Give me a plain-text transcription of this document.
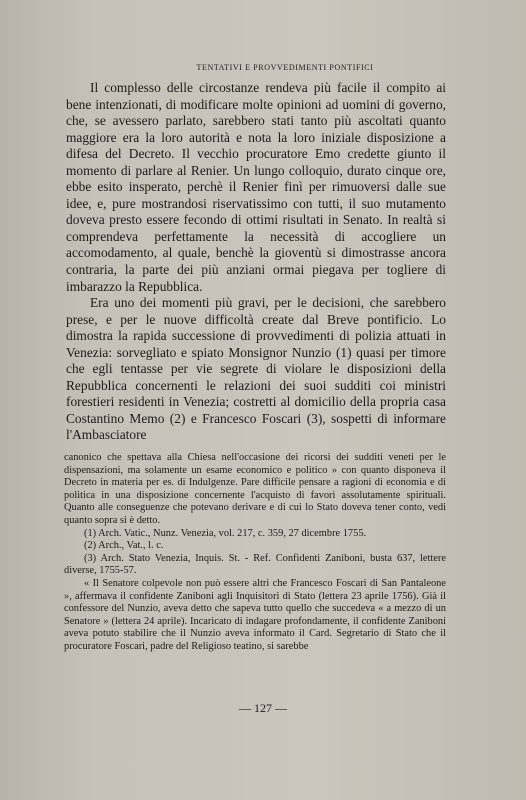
TENTATIVI E PROVVEDIMENTI PONTIFICI

Il complesso delle circostanze rendeva più facile il compito ai bene intenzionati, di modificare molte opinioni ad uomini di governo, che, se avessero parlato, sarebbero stati tanto più ascoltati quanto maggiore era la loro autorità e nota la loro iniziale disposizione a difesa del Decreto. Il vecchio procuratore Emo credette giunto il momento di parlare al Renier. Un lungo colloquio, durato cinque ore, ebbe esito insperato, perchè il Renier finì per rimuoversi dalle sue idee, e, pure mostrandosi riservatissimo con tutti, il suo mutamento doveva presto essere fecondo di ottimi risultati in Senato. In realtà si comprendeva perfettamente la necessità di accogliere un accomodamento, al quale, benchè la gioventù si dimostrasse ancora contraria, la parte dei più anziani ormai piegava per togliere di imbarazzo la Repubblica.

Era uno dei momenti più gravi, per le decisioni, che sarebbero prese, e per le nuove difficoltà create dal Breve pontificio. Lo dimostra la rapida successione di provvedimenti di polizia attuati in Venezia: sorvegliato e spiato Monsignor Nunzio (1) quasi per timore che egli tentasse per vie segrete di violare le disposizioni della Repubblica concernenti le relazioni dei suoi sudditi coi ministri forestieri residenti in Venezia; costretti al domicilio della propria casa Costantino Memo (2) e Francesco Foscari (3), sospetti di informare l'Ambasciatore

canonico che spettava alla Chiesa nell'occasione dei ricorsi dei sudditi veneti per le dispensazioni, ma solamente un esame economico e politico » con quanto disponeva il Decreto in materia per es. di Indulgenze. Pare difficile pensare a ragioni di economia e di politica in una disposizione concernente l'acquisto di favori assolutamente spirituali. Quanto alle conseguenze che potevano derivare e di cui lo Stato doveva tener conto, vedi quanto sopra si è detto.

(1) Arch. Vatic., Nunz. Venezia, vol. 217, c. 359, 27 dicembre 1755.

(2) Arch., Vat., l. c.

(3) Arch. Stato Venezia, Inquis. St. - Ref. Confidenti Zaniboni, busta 637, lettere diverse, 1755-57.

« Il Senatore colpevole non può essere altri che Francesco Foscari di San Pantaleone », affermava il confidente Zaniboni agli Inquisitori di Stato (lettera 23 aprile 1756). Già il confessore del Nunzio, aveva detto che sapeva tutto quello che succedeva « a mezzo di un Senatore » (lettera 24 aprile). Incaricato di indagare profondamente, il confidente Zaniboni aveva potuto stabilire che il Nunzio aveva informato il Card. Segretario di Stato che il procuratore Foscari, padre del Religioso teatino, si sarebbe

— 127 —
